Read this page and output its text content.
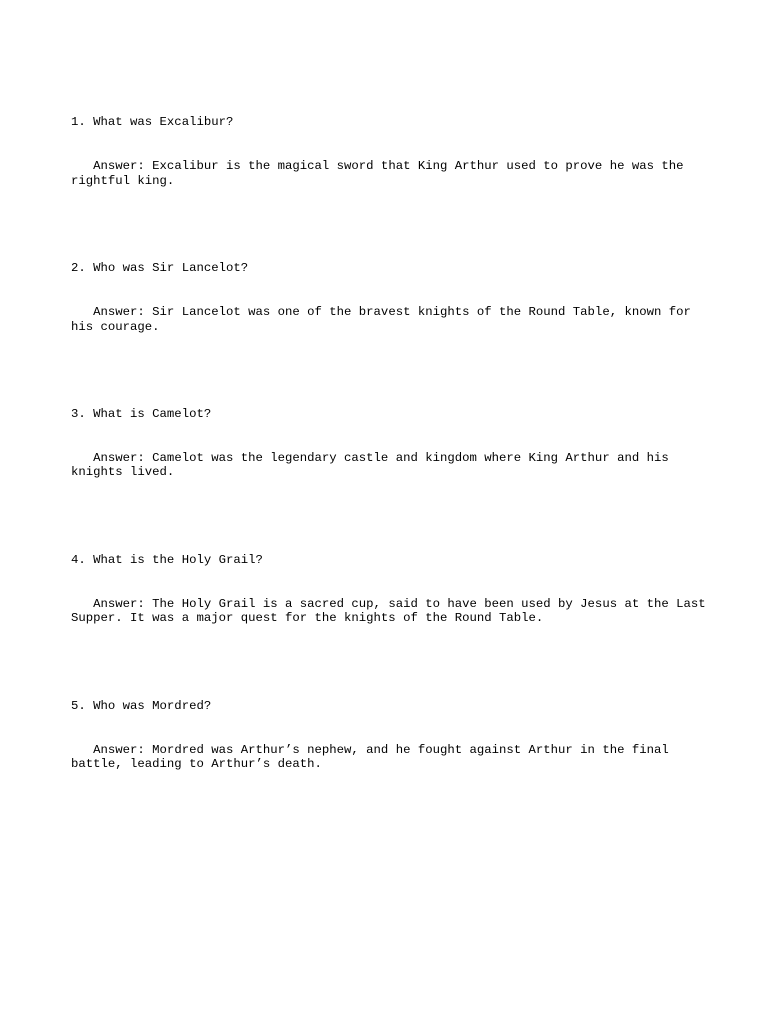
1. What was Excalibur?

Answer: Excalibur is the magical sword that King Arthur used to prove he was the rightful king.

2. Who was Sir Lancelot?

Answer: Sir Lancelot was one of the bravest knights of the Round Table, known for his courage.

3. What is Camelot?

Answer: Camelot was the legendary castle and kingdom where King Arthur and his knights lived.

4. What is the Holy Grail?

Answer: The Holy Grail is a sacred cup, said to have been used by Jesus at the Last Supper. It was a major quest for the knights of the Round Table.

5. Who was Mordred?

Answer: Mordred was Arthur’s nephew, and he fought against Arthur in the final battle, leading to Arthur’s death.
